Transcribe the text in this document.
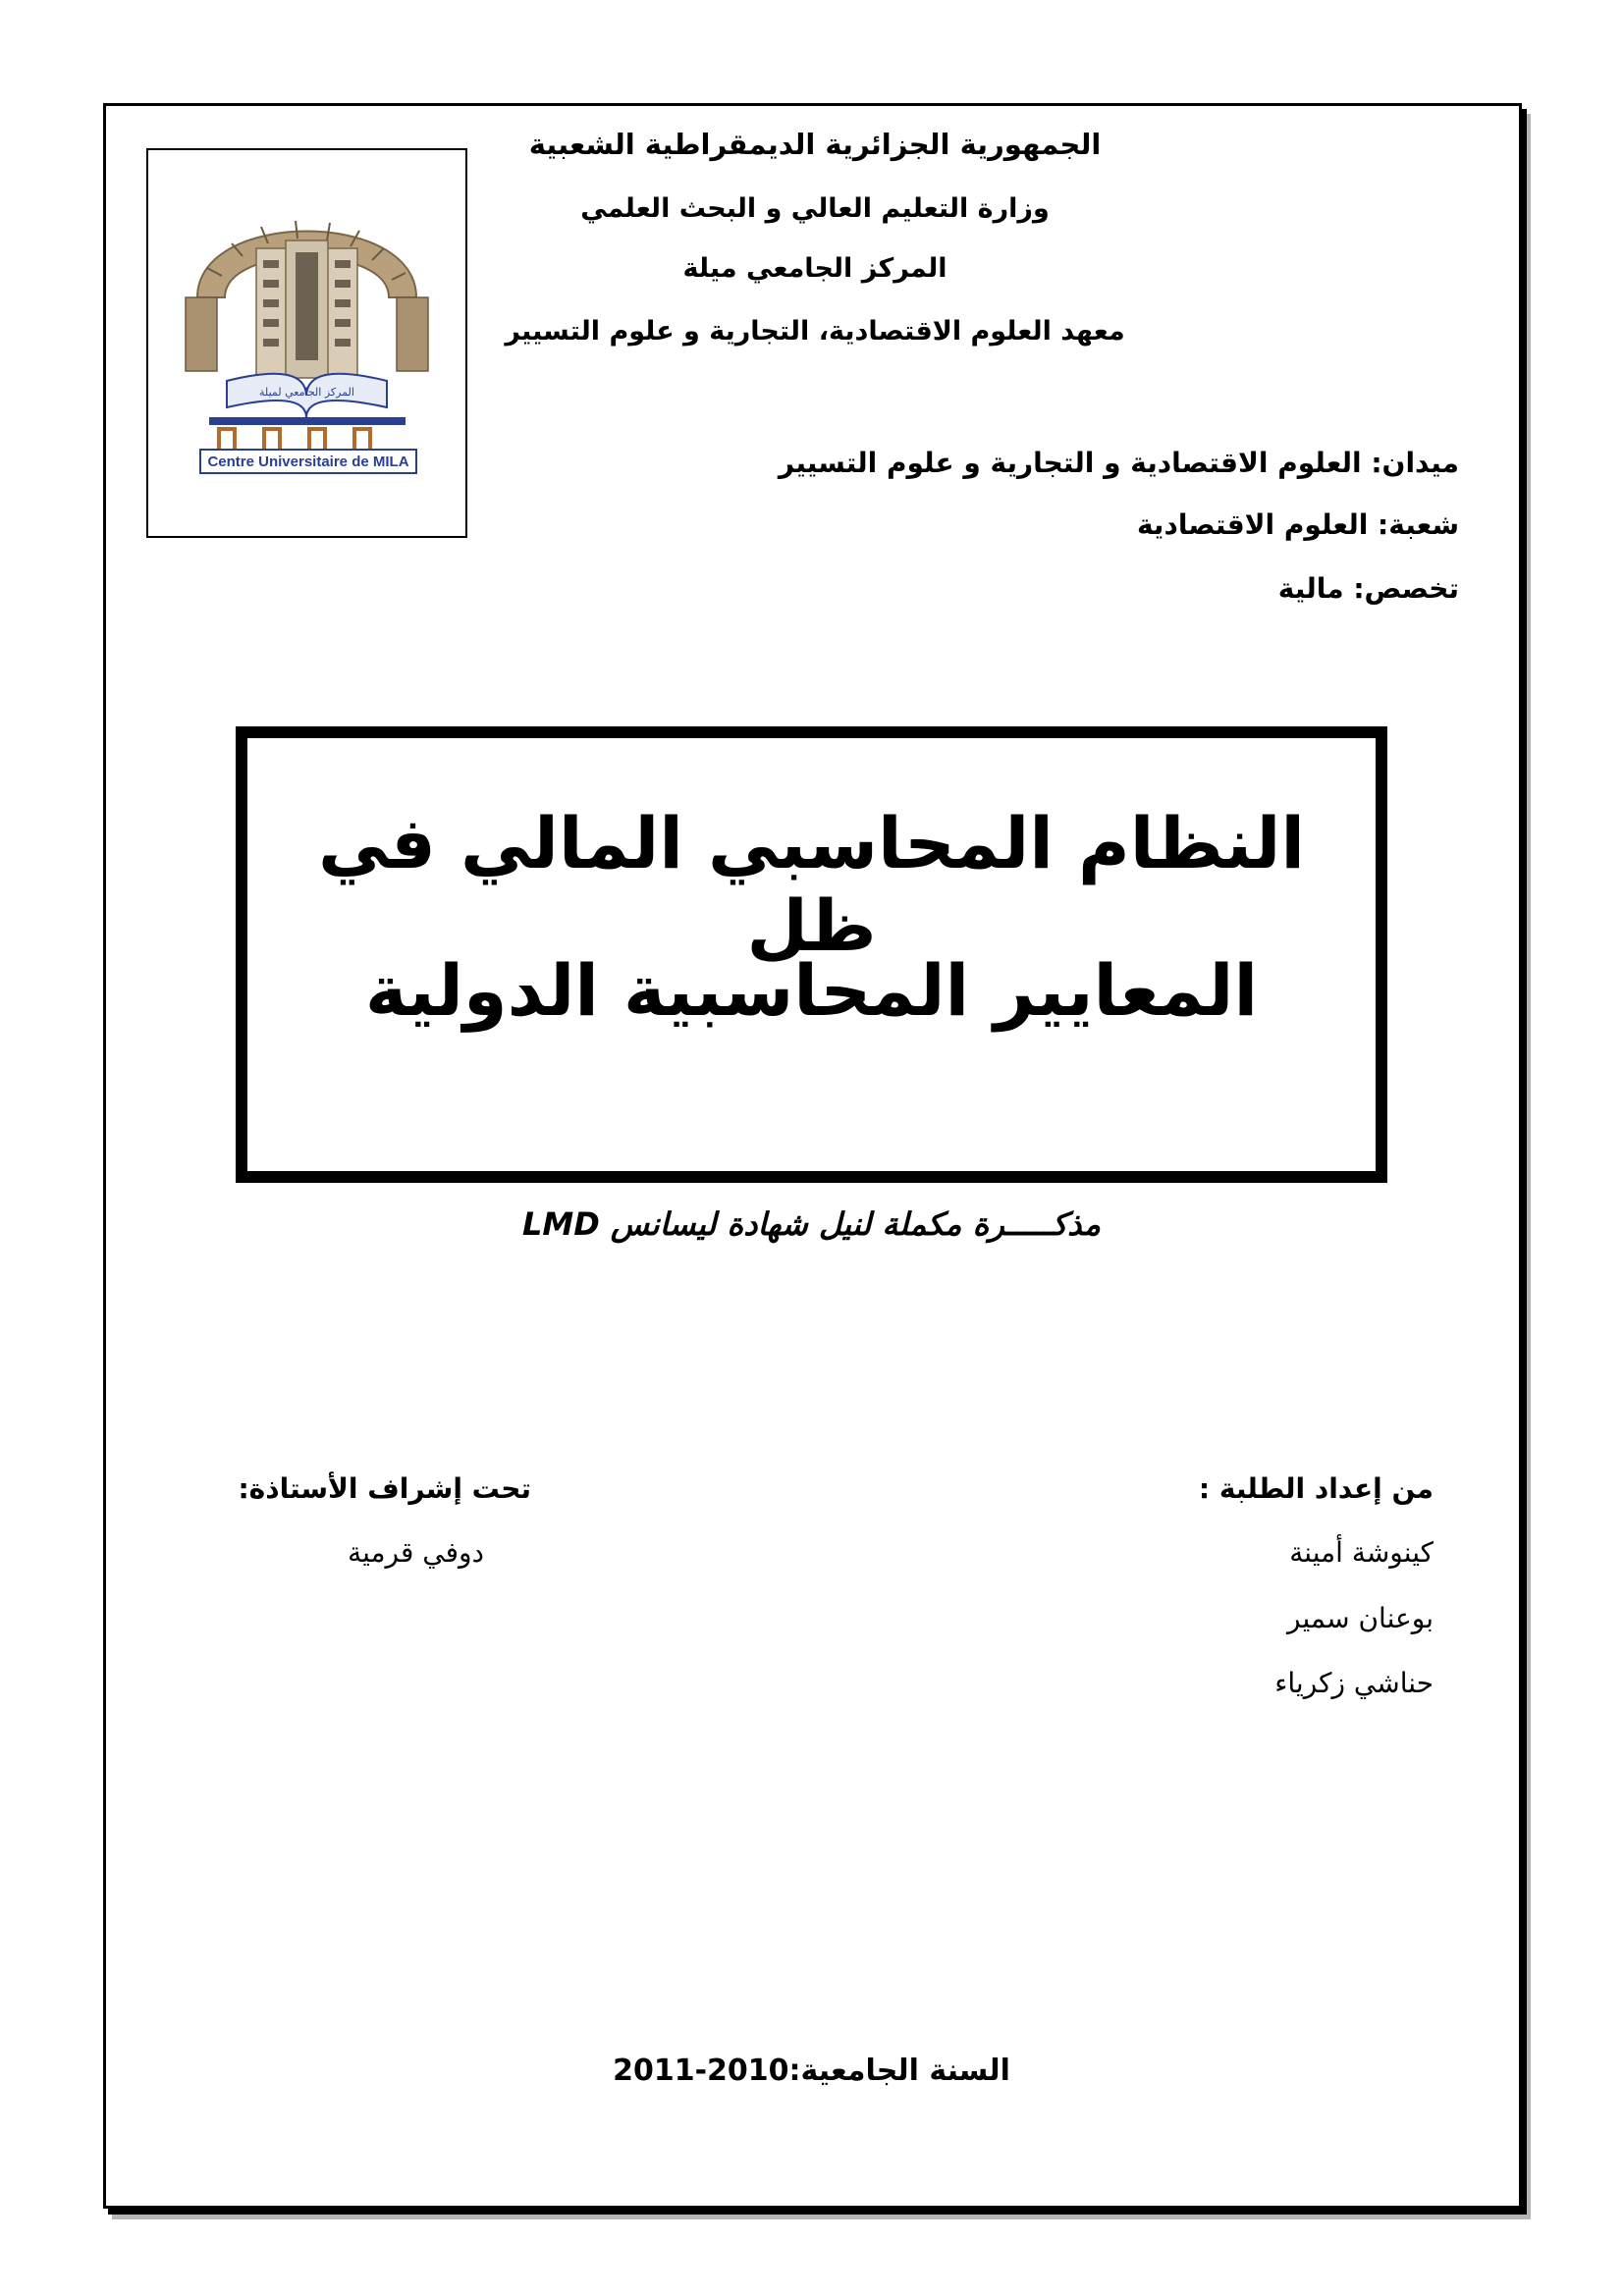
الجمهورية الجزائرية الديمقراطية الشعبية
وزارة التعليم العالي و البحث العلمي
المركز الجامعي ميلة
معهد العلوم الاقتصادية، التجارية و علوم التسيير
المركز الجامعي لميلة
Centre Universitaire de MILA	ميدان: العلوم الاقتصادية و التجارية و علوم التسيير
شعبة: العلوم الاقتصادية
تخصص: مالية
النظام المحاسبي المالي في ظل
المعايير المحاسبية الدولية
مذكـــــرة مكملة لنيل شهادة ليسانس LMD
من إعداد الطلبة :
كينوشة أمينة
بوعنان سمير
حناشي زكرياء
تحت إشراف الأستاذة:
دوفي قرمية
السنة الجامعية:2010-2011
